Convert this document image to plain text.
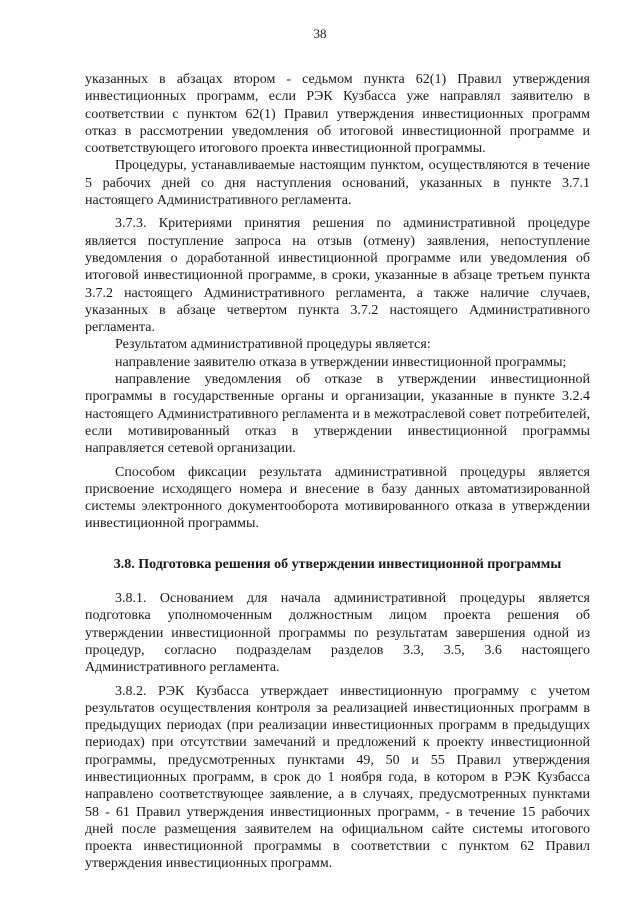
38

указанных в абзацах втором - седьмом пункта 62(1) Правил утверждения инвестиционных программ, если РЭК Кузбасса уже направлял заявителю в соответствии с пунктом 62(1) Правил утверждения инвестиционных программ отказ в рассмотрении уведомления об итоговой инвестиционной программе и соответствующего итогового проекта инвестиционной программы.

Процедуры, устанавливаемые настоящим пунктом, осуществляются в течение 5 рабочих дней со дня наступления оснований, указанных в пункте 3.7.1 настоящего Административного регламента.

3.7.3. Критериями принятия решения по административной процедуре является поступление запроса на отзыв (отмену) заявления, непоступление уведомления о доработанной инвестиционной программе или уведомления об итоговой инвестиционной программе, в сроки, указанные в абзаце третьем пункта 3.7.2 настоящего Административного регламента, а также наличие случаев, указанных в абзаце четвертом пункта 3.7.2 настоящего Административного регламента.

Результатом административной процедуры является:

направление заявителю отказа в утверждении инвестиционной программы;

направление уведомления об отказе в утверждении инвестиционной программы в государственные органы и организации, указанные в пункте 3.2.4 настоящего Административного регламента и в межотраслевой совет потребителей, если мотивированный отказ в утверждении инвестиционной программы направляется сетевой организации.

Способом фиксации результата административной процедуры является присвоение исходящего номера и внесение в базу данных автоматизированной системы электронного документооборота мотивированного отказа в утверждении инвестиционной программы.

3.8. Подготовка решения об утверждении инвестиционной программы

3.8.1. Основанием для начала административной процедуры является подготовка уполномоченным должностным лицом проекта решения об утверждении инвестиционной программы по результатам завершения одной из процедур, согласно подразделам разделов 3.3, 3.5, 3.6 настоящего Административного регламента.

3.8.2. РЭК Кузбасса утверждает инвестиционную программу с учетом результатов осуществления контроля за реализацией инвестиционных программ в предыдущих периодах (при реализации инвестиционных программ в предыдущих периодах) при отсутствии замечаний и предложений к проекту инвестиционной программы, предусмотренных пунктами 49, 50 и 55 Правил утверждения инвестиционных программ, в срок до 1 ноября года, в котором в РЭК Кузбасса направлено соответствующее заявление, а в случаях, предусмотренных пунктами 58 - 61 Правил утверждения инвестиционных программ, - в течение 15 рабочих дней после размещения заявителем на официальном сайте системы итогового проекта инвестиционной программы в соответствии с пунктом 62 Правил утверждения инвестиционных программ.
